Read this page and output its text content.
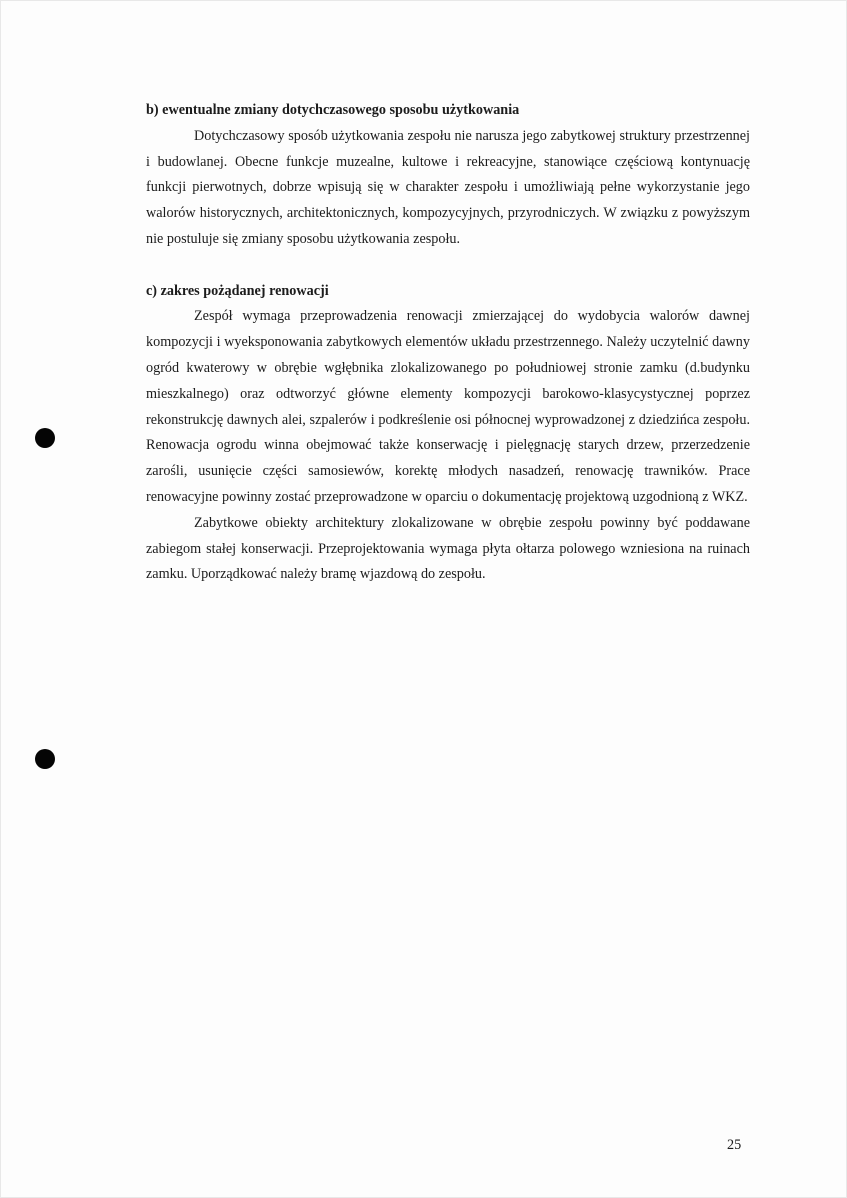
b) ewentualne zmiany dotychczasowego sposobu użytkowania

Dotychczasowy sposób użytkowania zespołu nie narusza jego zabytkowej struktury przestrzennej i budowlanej. Obecne funkcje muzealne, kultowe i rekreacyjne, stanowiące częściową kontynuację funkcji pierwotnych, dobrze wpisują się w charakter zespołu i umożliwiają pełne wykorzystanie jego walorów historycznych, architektonicznych, kompozycyjnych, przyrodniczych. W związku z powyższym nie postuluje się zmiany sposobu użytkowania zespołu.

c) zakres pożądanej renowacji

Zespół wymaga przeprowadzenia renowacji zmierzającej do wydobycia walorów dawnej kompozycji i wyeksponowania zabytkowych elementów układu przestrzennego. Należy uczytelnić dawny ogród kwaterowy w obrębie wgłębnika zlokalizowanego po południowej stronie zamku (d.budynku mieszkalnego) oraz odtworzyć główne elementy kompozycji barokowo-klasycystycznej poprzez rekonstrukcję dawnych alei, szpalerów i podkreślenie osi północnej wyprowadzonej z dziedzińca zespołu. Renowacja ogrodu winna obejmować także konserwację i pielęgnację starych drzew, przerzedzenie zarośli, usunięcie części samosiewów, korektę młodych nasadzeń, renowację trawników. Prace renowacyjne powinny zostać przeprowadzone w oparciu o dokumentację projektową uzgodnioną z WKZ.

Zabytkowe obiekty architektury zlokalizowane w obrębie zespołu powinny być poddawane zabiegom stałej konserwacji. Przeprojektowania wymaga płyta ołtarza polowego wzniesiona na ruinach zamku. Uporządkować należy bramę wjazdową do zespołu.

25
